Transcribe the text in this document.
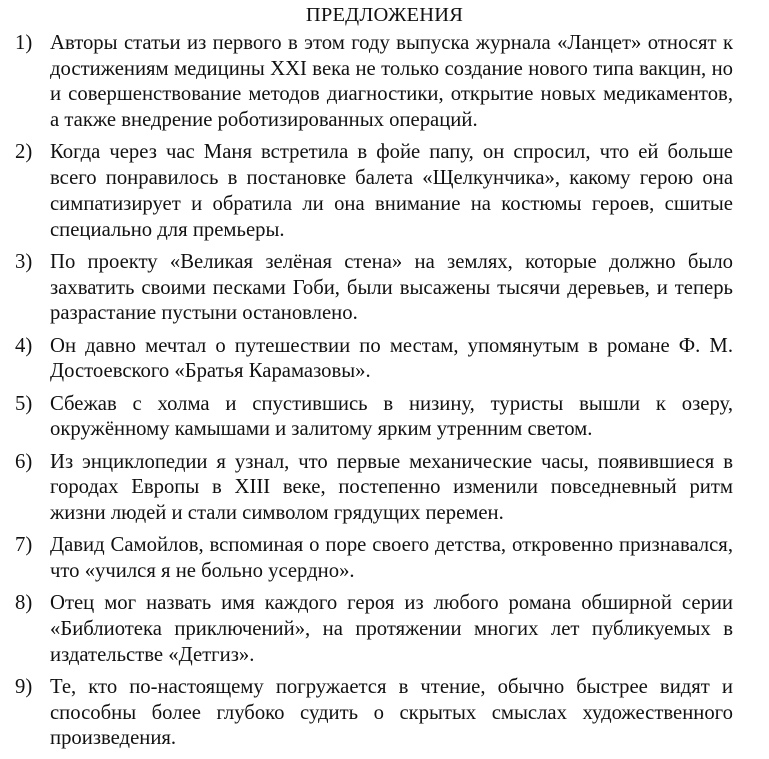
ПРЕДЛОЖЕНИЯ
1) Авторы статьи из первого в этом году выпуска журнала «Ланцет» относят к достижениям медицины XXI века не только создание нового типа вакцин, но и совершенствование методов диагностики, открытие новых медикаментов, а также внедрение роботизированных операций.
2) Когда через час Маня встретила в фойе папу, он спросил, что ей больше всего понравилось в постановке балета «Щелкунчика», какому герою она симпатизирует и обратила ли она внимание на костюмы героев, сшитые специально для премьеры.
3) По проекту «Великая зелёная стена» на землях, которые должно было захватить своими песками Гоби, были высажены тысячи деревьев, и теперь разрастание пустыни остановлено.
4) Он давно мечтал о путешествии по местам, упомянутым в романе Ф. М. Достоевского «Братья Карамазовы».
5) Сбежав с холма и спустившись в низину, туристы вышли к озеру, окружённому камышами и залитому ярким утренним светом.
6) Из энциклопедии я узнал, что первые механические часы, появившиеся в городах Европы в XIII веке, постепенно изменили повседневный ритм жизни людей и стали символом грядущих перемен.
7) Давид Самойлов, вспоминая о поре своего детства, откровенно признавался, что «учился я не больно усердно».
8) Отец мог назвать имя каждого героя из любого романа обширной серии «Библиотека приключений», на протяжении многих лет публикуемых в издательстве «Детгиз».
9) Те, кто по-настоящему погружается в чтение, обычно быстрее видят и способны более глубоко судить о скрытых смыслах художественного произведения.
